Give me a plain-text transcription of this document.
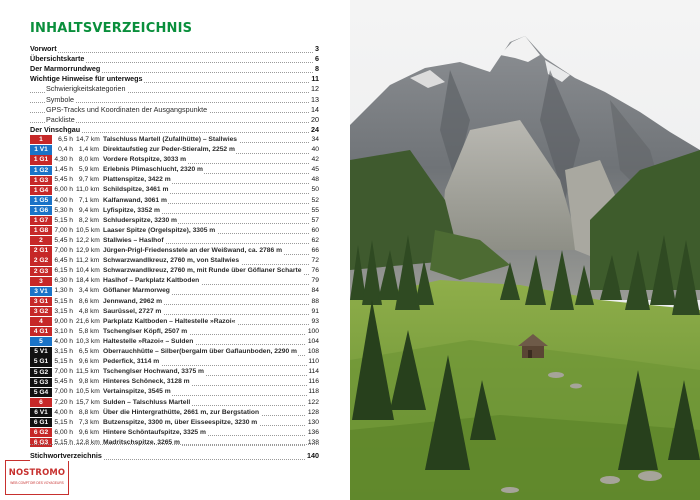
INHALTSVERZEICHNIS
Vorwort	3
Übersichtskarte	6
Der Marmorrundweg	8
Wichtige Hinweise für unterwegs	11
Schwierigkeitskategorien	12
Symbole	13
GPS-Tracks und Koordinaten der Ausgangspunkte	14
Packliste	20
Der Vinschgau	24
1	6,5 h 14,7 km Talschluss Martell (Zufallhütte) – Stallwies	34
1 V1	0,4 h 1,4 km Direktaufstieg zur Peder-Stieralm, 2252 m	40
1 G1 4,30 h 8,0 km Vordere Rotspitze, 3033 m	42
1 G2 1,45 h 5,9 km Erlebnis Plimaschlucht, 2320 m	45
1 G3 5,45 h 9,7 km Plattenspitze, 3422 m	48
1 G4 6,00 h 11,0 km Schildspitze, 3461 m	50
1 G5 4,00 h 7,1 km Kalfanwand, 3061 m	52
1 G6 5,30 h 9,4 km Lyfispitze, 3352 m	55
1 G7 5,15 h 8,2 km Schluderspitze, 3230 m	57
1 G8 7,00 h 10,5 km Laaser Spitze (Orgelspitze), 3305 m	60
2	5,45 h 12,2 km Stallwies – Haslhof	62
2 G1 7,00 h 12,9 km Jürgen-Prigl-Friedensstele an der Weißwand, ca. 2786 m	66
2 G2 6,45 h 11,2 km Schwarzwandlkreuz, 2760 m, von Stallwies	72
2 G3 6,15 h 10,4 km Schwarzwandlkreuz, 2760 m, mit Runde über Göflaner Scharte 76
3	6,30 h 18,4 km Haslhof – Parkplatz Kaltboden	79
3 V1 1,30 h 3,4 km Göflaner Marmorweg	84
3 G1 5,15 h 8,6 km Jennwand, 2962 m	88
3 G2 3,15 h 4,8 km Saurüssel, 2727 m	91
4	9,00 h 21,6 km Parkplatz Kaltboden – Haltestelle »Razoi«	93
4 G1 3,10 h 5,8 km Tschenglser Köpfl, 2507 m	100
5	4,00 h 10,3 km Haltestelle »Razoi« – Sulden	104
5 V1 3,15 h 6,5 km Oberrauchhütte – Silber(bergalm über Gaflaunboden, 2290 m 108
5 G1 5,15 h 9,6 km Pederfick, 3114 m	110
5 G2 7,00 h 11,5 km Tschenglser Hochwand, 3375 m	114
5 G3 5,45 h 9,8 km Hinteres Schöneck, 3128 m	116
5 G4 7,00 h 10,5 km Vertainspitze, 3545 m	118
6	7,20 h 15,7 km Sulden – Talschluss Martell	122
6 V1 4,00 h 8,8 km Über die Hintergrathütte, 2661 m, zur Bergstation	128
6 G1 5,15 h 7,3 km Butzenspitze, 3300 m, über Eisseespitze, 3230 m	130
6 G2 6,00 h 9,6 km Hintere Schöntaufspitze, 3325 m	136
6 G3 5,15 h 12,8 km Madritschspitze, 3265 m	138
NOSTROMO
WEB COMPTOIR DES VOYAGEURS
Stichwortverzeichnis	140
